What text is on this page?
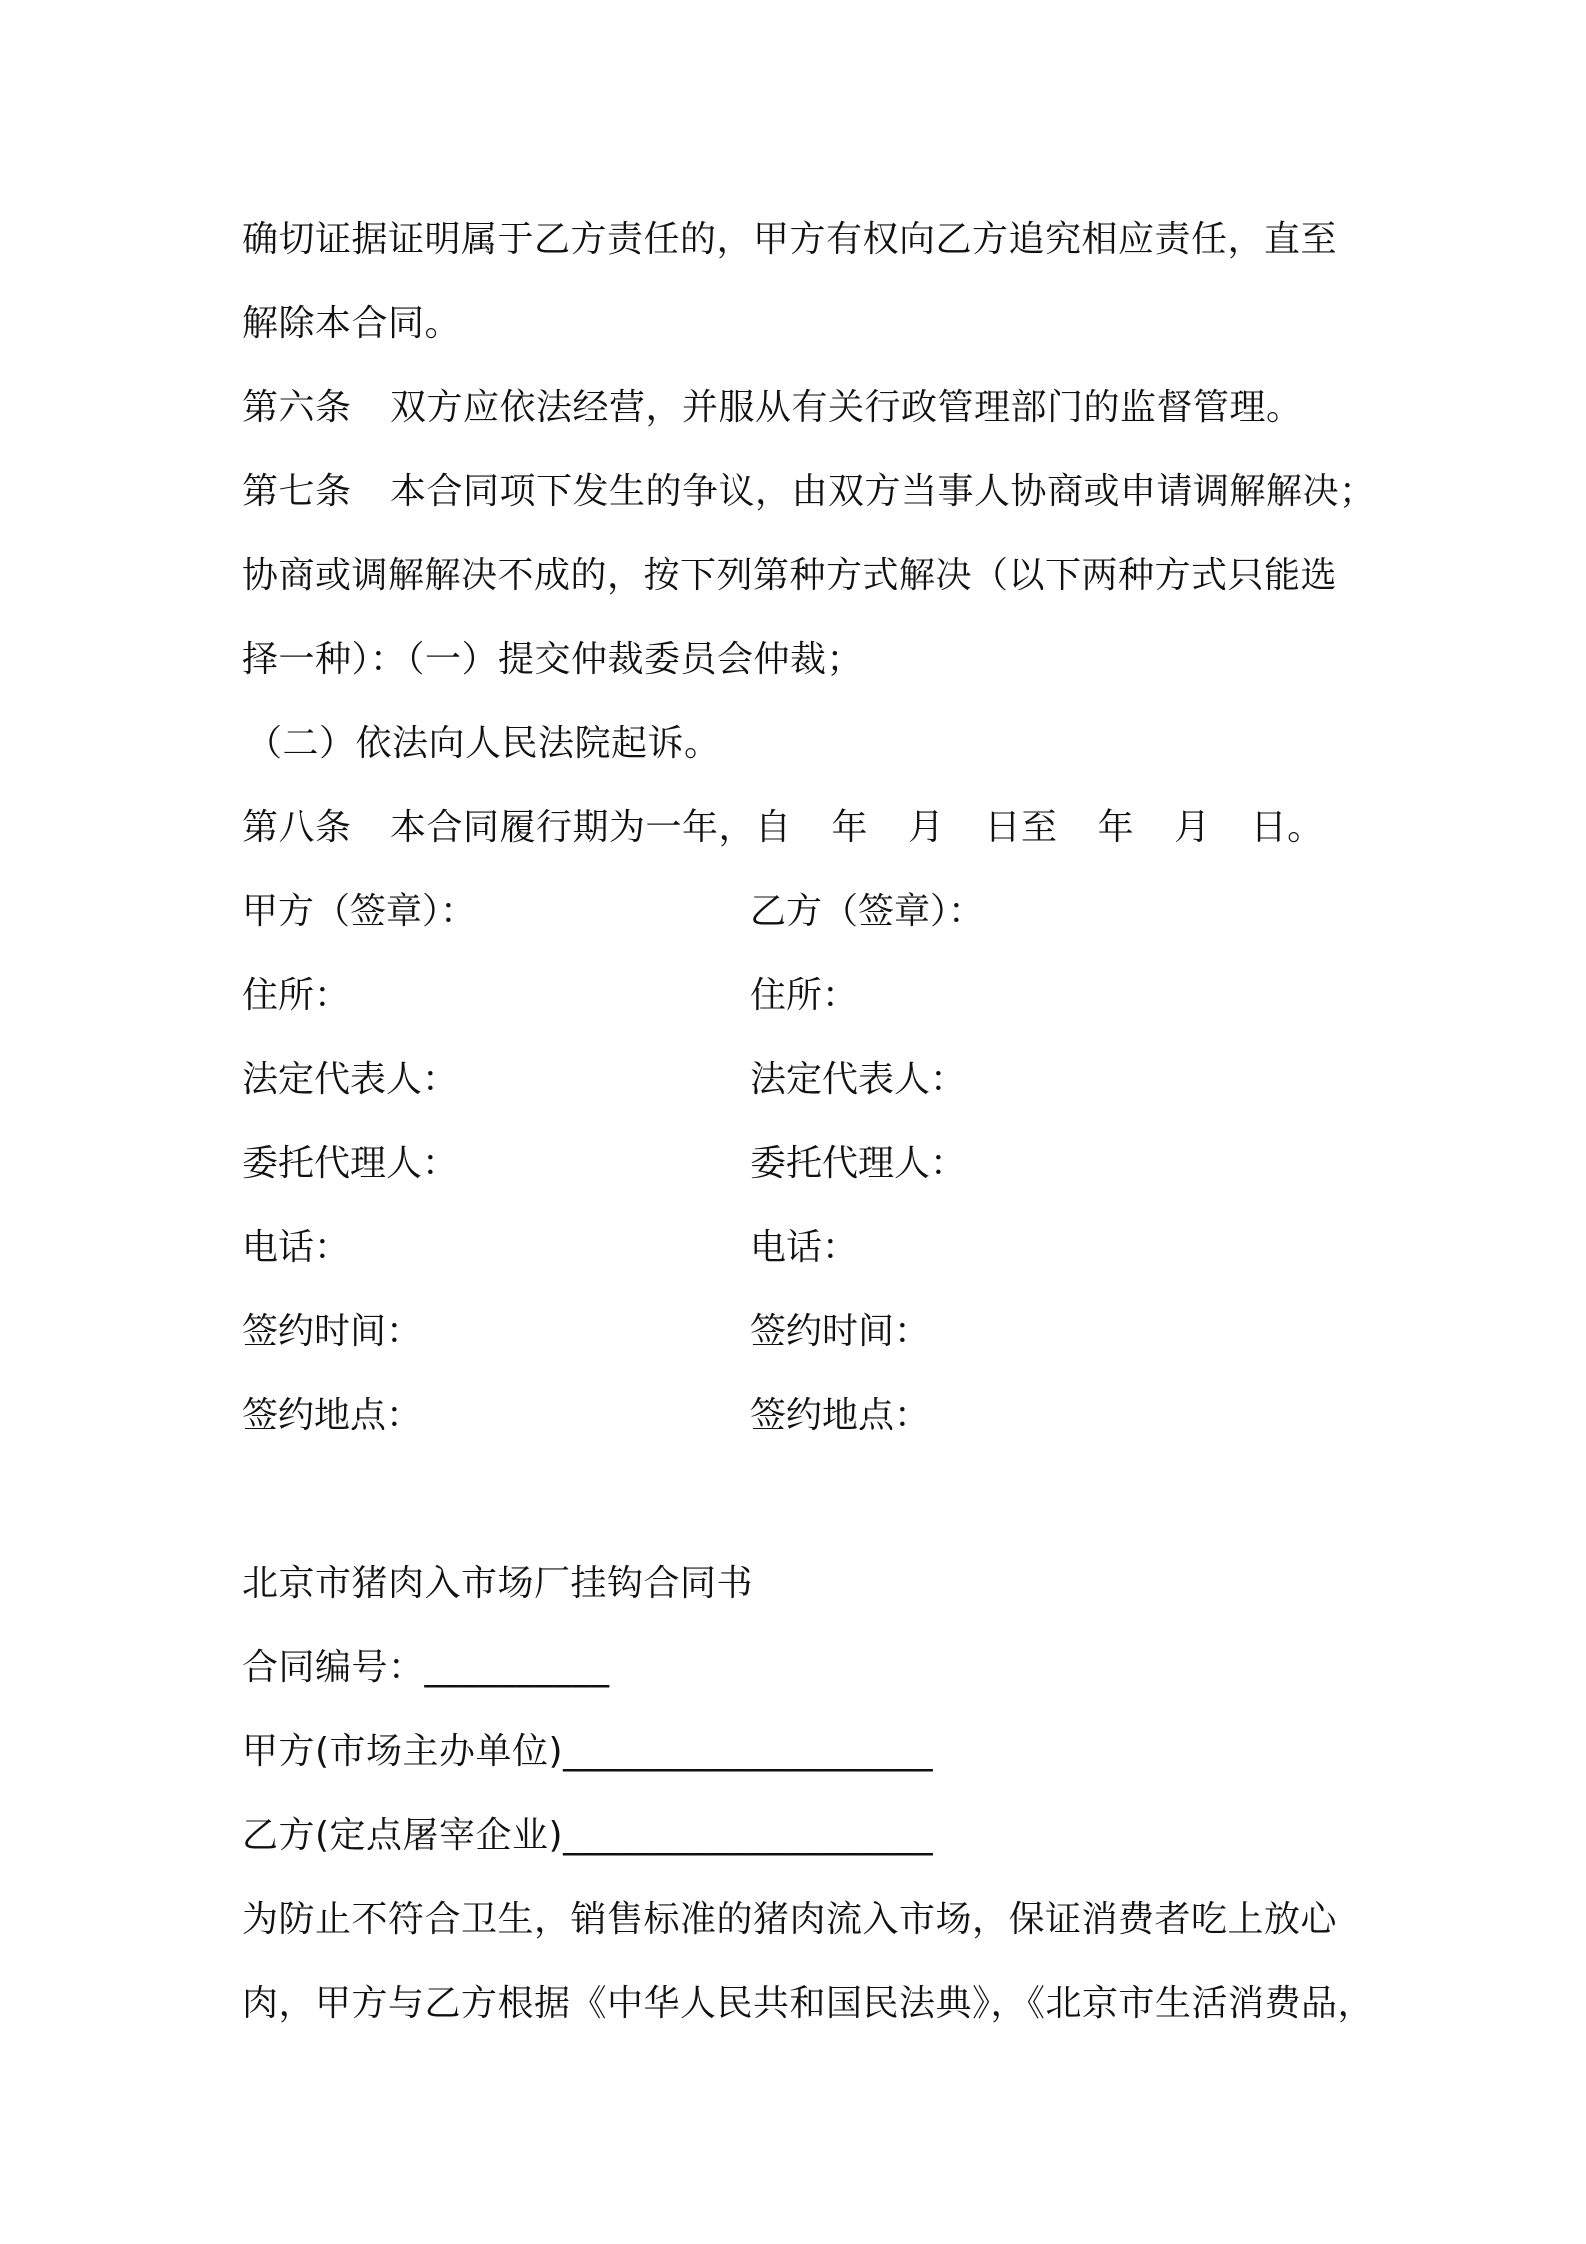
确切证据证明属于乙方责任的，甲方有权向乙方追究相应责任，直至
解除本合同。
第六条 双方应依法经营，并服从有关行政管理部门的监督管理。
第七条 本合同项下发生的争议，由双方当事人协商或申请调解解决；
协商或调解解决不成的，按下列第种方式解决（以下两种方式只能选
择一种）：（一）提交仲裁委员会仲裁；
（二）依法向人民法院起诉。
第八条 本合同履行期为一年，自 年 月 日至 年 月 日。
甲方（签章）：	乙方（签章）：
住所：	住所：
法定代表人：	法定代表人：
委托代理人：	委托代理人：
电话：	电话：
签约时间：	签约时间：
签约地点：	签约地点：
北京市猪肉入市场厂挂钩合同书
合同编号：__________
甲方(市场主办单位)____________________
乙方(定点屠宰企业)____________________
为防止不符合卫生，销售标准的猪肉流入市场，保证消费者吃上放心
肉，甲方与乙方根据《中华人民共和国民法典》，《北京市生活消费品，
